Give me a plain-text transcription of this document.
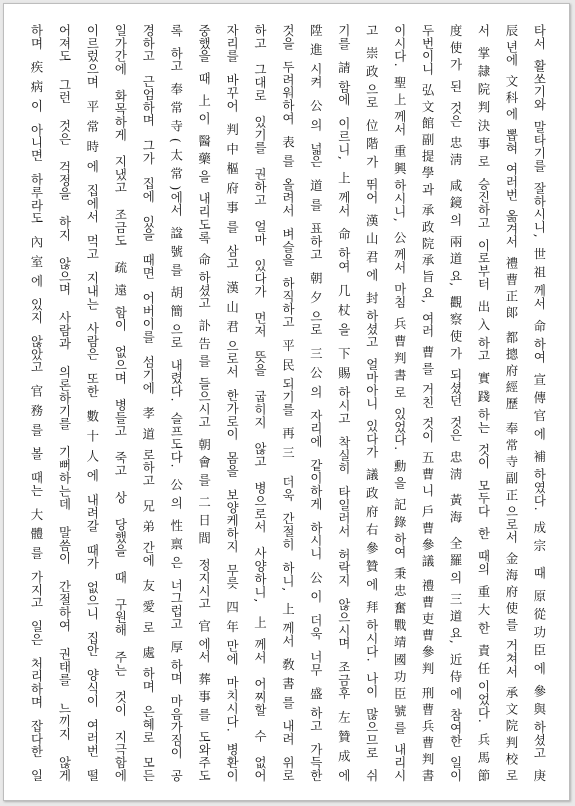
타서 활쏘기와 말타기를 잘하시니, 世祖께서 命하여 宣傳官에 補하였다. 成宗 때 原從功臣에 參與하셨고 庚
辰년에 文科에 뽑혀 여러번 옮겨서 禮曹正郞 都摠府經歷 奉常寺副正으로서 金海府使를 거쳐서 承文院判校로
서 掌隷院判決事로 승진하고 이로부터 出入하고 實踐하는 것이 모두다 한 때의 重大한 責任이었다. 兵馬節
度使가 된 것은 忠淸 咸鏡의 兩道요, 觀察使가 되셨던 것은 忠淸 黃海 全羅의 三道요, 近侍에 참여한 일이
두번이니 弘文館副提學과 承政院承旨요, 여러 曹를 거친 것이 五曹니 戶曹參議 禮曹吏曹參判 刑曹兵曹判書
이시다. 聖上께서 重興하시니, 公께서 마침 兵曹判書로 있었다. 勳을 記錄하여 秉忠奮戰靖國功臣號를 내리시
고 崇政으로 位階가 뛰어 漢山君에 封하셨고 얼마아니 있다가 議政府右參贊에 拜하시다. 나이 많으므로 쉬
기를 請함에 이르니, 上께서 命하여 几杖을 下賜하시고 착실히 타일러서 허락지 않으시며 조금후 左贊成에
陞進시켜 公의 넓은 道를 표하고 朝夕으로 三公의 자리에 같이하게 하시니 公이 더욱 너무 盛하고 가득한
것을 두려워하여 表를 올려서 벼슬을 하직하고 平民되기를 再三 더욱 간절히 하니, 上께서 敎書를 내려 위로
하고 그대로 있기를 권하고 얼마 있다가 먼저 뜻을 굽히지 않고 병으로서 사양하니, 上께서 어찌할 수 없어
자리를 바꾸어 判中樞府事를 삼고 漢山君으로서 한가로이 몸을 보양케하지 무릇 四年만에 마치시다. 병환이
중했을 때 上이 醫藥을 내리도록 命하셨고 訃告를 들으시고 朝會를 二日間 정지시고 官에서 葬事를 도와주도
록 하고 奉常寺(太常)에서 諡號를 胡簡으로 내렸다. 슬프도다. 公의 性禀은 너그럽고 厚하며 마음가짐이 공
경하고 근엄하며 그가 집에 있을 때면 어버이를 섬기에 孝道로하고 兄弟간에 友愛로 處하며 은혜로 모든
일가간에 화목하게 지냈고 조금도 疏遠함이 없으며 병들고 죽고 상 당했을 때 구원해 주는 것이 지극함에
이르렀으며 平常時에 집에서 먹고 지내는 사람은 또한 數十人에 내려갈 때가 없으니 집안 양식이 여러번 떨
어져도 그런 것은 걱정을 하지 않으며 사람과 의론하기를 기뻐하는데 말씀이 간절하여 권태를 느끼지 않게
하며 疾病이 아니면 하루라도 內室에 있지 않았고 官務를 볼 때는 大體를 가지고 일은 처리하며 잡다한 일
